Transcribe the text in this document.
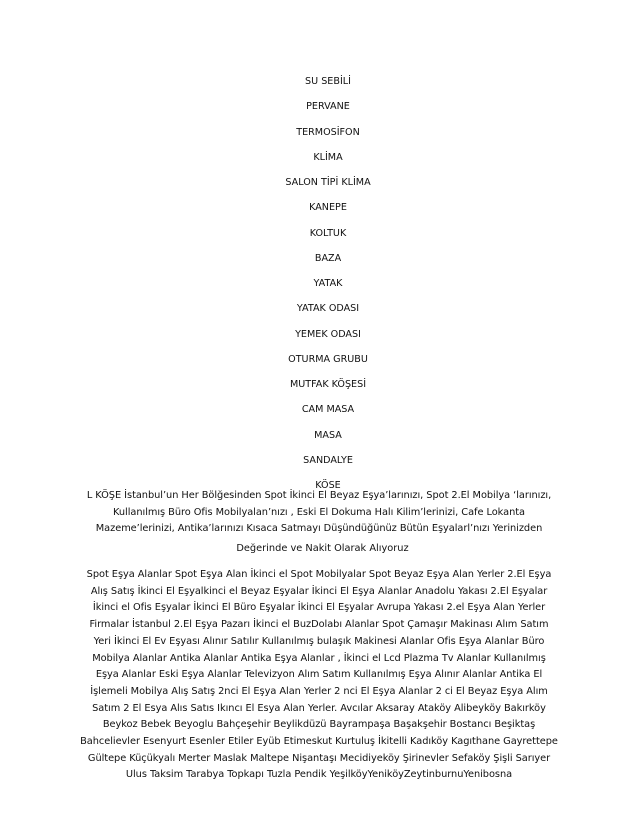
SU SEBİLİ
PERVANE
TERMOSİFON
KLİMA
SALON TİPİ KLİMA
KANEPE
KOLTUK
BAZA
YATAK
YATAK ODASI
YEMEK ODASI
OTURMA GRUBU
MUTFAK KÖŞESİ
CAM MASA
MASA
SANDALYE
KÖSE

L KÖŞE İstanbul’un Her Bölğesinden Spot İkinci El Beyaz Eşya’larınızı, Spot 2.El Mobilya ‘larınızı, Kullanılmış Büro Ofis Mobilyalan’nızı , Eski El Dokuma Halı Kilim’lerinizi, Cafe Lokanta Mazeme’lerinizi, Antika’larınızı Kısaca Satmayı Düşündüğünüz Bütün Eşyalarl’nızı Yerinizden

Değerinde ve Nakit Olarak Alıyoruz

Spot Eşya Alanlar Spot Eşya Alan İkinci el Spot Mobilyalar Spot Beyaz Eşya Alan Yerler 2.El Eşya Alış Satış İkinci El Eşyalkinci el Beyaz Eşyalar İkinci El Eşya Alanlar Anadolu Yakası 2.El Eşyalar İkinci el Ofis Eşyalar İkinci El Büro Eşyalar İkinci El Eşyalar Avrupa Yakası 2.el Eşya Alan Yerler Firmalar İstanbul 2.El Eşya Pazarı İkinci el BuzDolabı Alanlar Spot Çamaşır Makinası Alım Satım Yeri İkinci El Ev Eşyası Alınır Satılır Kullanılmış bulaşık Makinesi Alanlar Ofis Eşya Alanlar Büro Mobilya Alanlar Antika Alanlar Antika Eşya Alanlar , İkinci el Lcd Plazma Tv Alanlar Kullanılmış Eşya Alanlar Eski Eşya Alanlar Televizyon Alım Satım Kullanılmış Eşya Alınır Alanlar Antika El İşlemeli Mobilya Alış Satış 2nci El Eşya Alan Yerler 2 nci El Eşya Alanlar 2 ci El Beyaz Eşya Alım Satım 2 El Esya Alıs Satıs Ikıncı El Esya Alan Yerler. Avcılar Aksaray Ataköy Alibeyköy Bakırköy Beykoz Bebek Beyoglu Bahçeşehir Beylikdüzü Bayrampaşa Başakşehir Bostancı Beşiktaş Bahcelievler Esenyurt Esenler Etiler Eyüb Etimeskut Kurtuluş İkitelli Kadıköy Kagıthane Gayrettepe Gültepe Küçükyalı Merter Maslak Maltepe Nişantaşı Mecidiyeköy Şirinevler Sefaköy Şişli Sarıyer Ulus Taksim Tarabya Topkapı Tuzla Pendik YeşilköyYeniköyZeytinburnuYenibosna
